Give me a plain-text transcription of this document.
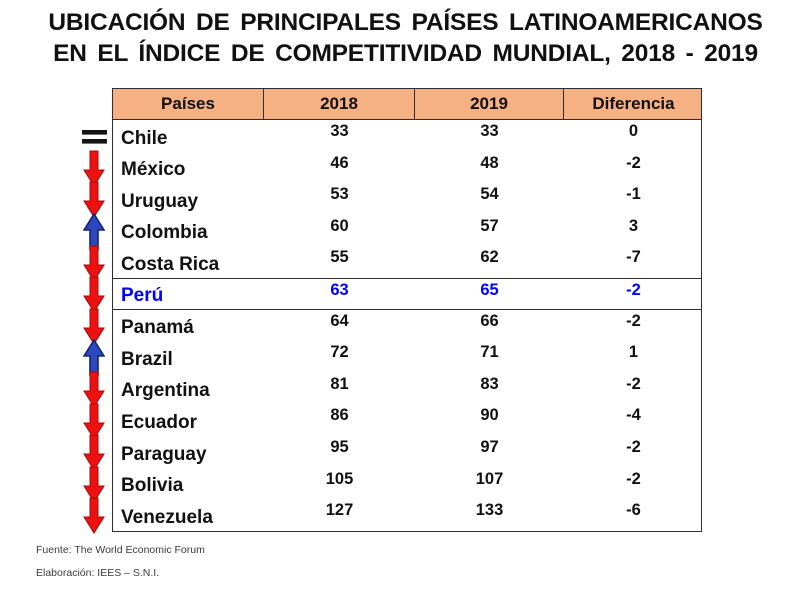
UBICACIÓN DE PRINCIPALES PAÍSES LATINOAMERICANOS
EN EL ÍNDICE DE COMPETITIVIDAD MUNDIAL, 2018 - 2019
Países	2018	2019	Diferencia
Chile	33	33	0
México	46	48	-2
Uruguay	53	54	-1
Colombia	60	57	3
Costa Rica	55	62	-7
Perú	63	65	-2
Panamá	64	66	-2
Brazil	72	71	1
Argentina	81	83	-2
Ecuador	86	90	-4
Paraguay	95	97	-2
Bolivia	105	107	-2
Venezuela	127	133	-6
Fuente: The World Economic Forum
Elaboración: IEES – S.N.I.
